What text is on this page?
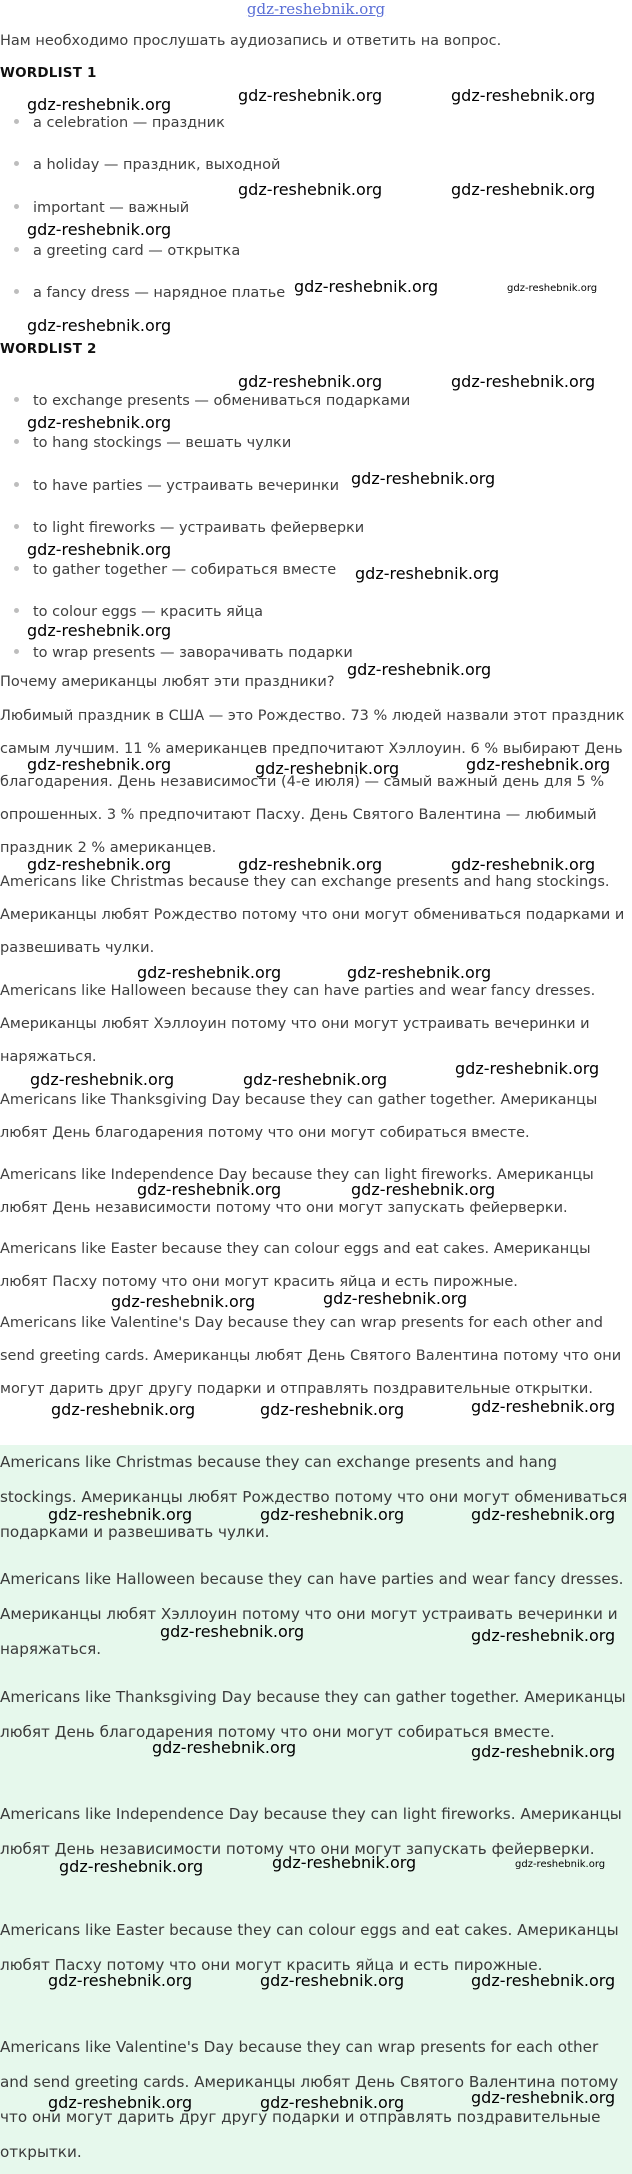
gdz-reshebnik.org

Нам необходимо прослушать аудиозапись и ответить на вопрос.

WORDLIST 1
a celebration — праздник
a holiday — праздник, выходной
important — важный
a greeting card — открытка
a fancy dress — нарядное платье
WORDLIST 2
to exchange presents — обмениваться подарками
to hang stockings — вешать чулки
to have parties — устраивать вечеринки
to light fireworks — устраивать фейерверки
to gather together — собираться вместе
to colour eggs — красить яйца
to wrap presents — заворачивать подарки

Почему американцы любят эти праздники?

Любимый праздник в США — это Рождество. 73 % людей назвали этот праздник самым лучшим. 11 % американцев предпочитают Хэллоуин. 6 % выбирают День благодарения. День независимости (4-е июля) — самый важный день для 5 % опрошенных. 3 % предпочитают Пасху. День Святого Валентина — любимый праздник 2 % американцев.

Americans like Christmas because they can exchange presents and hang stockings. Американцы любят Рождество потому что они могут обмениваться подарками и развешивать чулки.

Americans like Halloween because they can have parties and wear fancy dresses. Американцы любят Хэллоуин потому что они могут устраивать вечеринки и наряжаться.

Americans like Thanksgiving Day because they can gather together. Американцы любят День благодарения потому что они могут собираться вместе.

Americans like Independence Day because they can light fireworks. Американцы любят День независимости потому что они могут запускать фейерверки.

Americans like Easter because they can colour eggs and eat cakes. Американцы любят Пасху потому что они могут красить яйца и есть пирожные.

Americans like Valentine's Day because they can wrap presents for each other and send greeting cards. Американцы любят День Святого Валентина потому что они могут дарить друг другу подарки и отправлять поздравительные открытки.

Americans like Christmas because they can exchange presents and hang stockings. Американцы любят Рождество потому что они могут обмениваться подарками и развешивать чулки.

Americans like Halloween because they can have parties and wear fancy dresses. Американцы любят Хэллоуин потому что они могут устраивать вечеринки и наряжаться.

Americans like Thanksgiving Day because they can gather together. Американцы любят День благодарения потому что они могут собираться вместе.

Americans like Independence Day because they can light fireworks. Американцы любят День независимости потому что они могут запускать фейерверки.

Americans like Easter because they can colour eggs and eat cakes. Американцы любят Пасху потому что они могут красить яйца и есть пирожные.

Americans like Valentine's Day because they can wrap presents for each other and send greeting cards. Американцы любят День Святого Валентина потому что они могут дарить друг другу подарки и отправлять поздравительные открытки.

gdz-reshebnik.org	gdz-reshebnik.org	gdz-reshebnik.org
gdz-reshebnik.org	gdz-reshebnik.org
gdz-reshebnik.org
gdz-reshebnik.org	gdz-reshebnik.org
gdz-reshebnik.org
gdz-reshebnik.org	gdz-reshebnik.org
gdz-reshebnik.org
gdz-reshebnik.org
gdz-reshebnik.org
gdz-reshebnik.org
gdz-reshebnik.org
gdz-reshebnik.org
gdz-reshebnik.org	gdz-reshebnik.org	gdz-reshebnik.org
gdz-reshebnik.org	gdz-reshebnik.org	gdz-reshebnik.org
gdz-reshebnik.org	gdz-reshebnik.org
gdz-reshebnik.org	gdz-reshebnik.org
gdz-reshebnik.org
gdz-reshebnik.org	gdz-reshebnik.org
gdz-reshebnik.org	gdz-reshebnik.org
gdz-reshebnik.org	gdz-reshebnik.org	gdz-reshebnik.org
gdz-reshebnik.org	gdz-reshebnik.org	gdz-reshebnik.org
gdz-reshebnik.org	gdz-reshebnik.org
gdz-reshebnik.org	gdz-reshebnik.org
gdz-reshebnik.org	gdz-reshebnik.org	gdz-reshebnik.org
gdz-reshebnik.org	gdz-reshebnik.org	gdz-reshebnik.org
gdz-reshebnik.org	gdz-reshebnik.org	gdz-reshebnik.org
